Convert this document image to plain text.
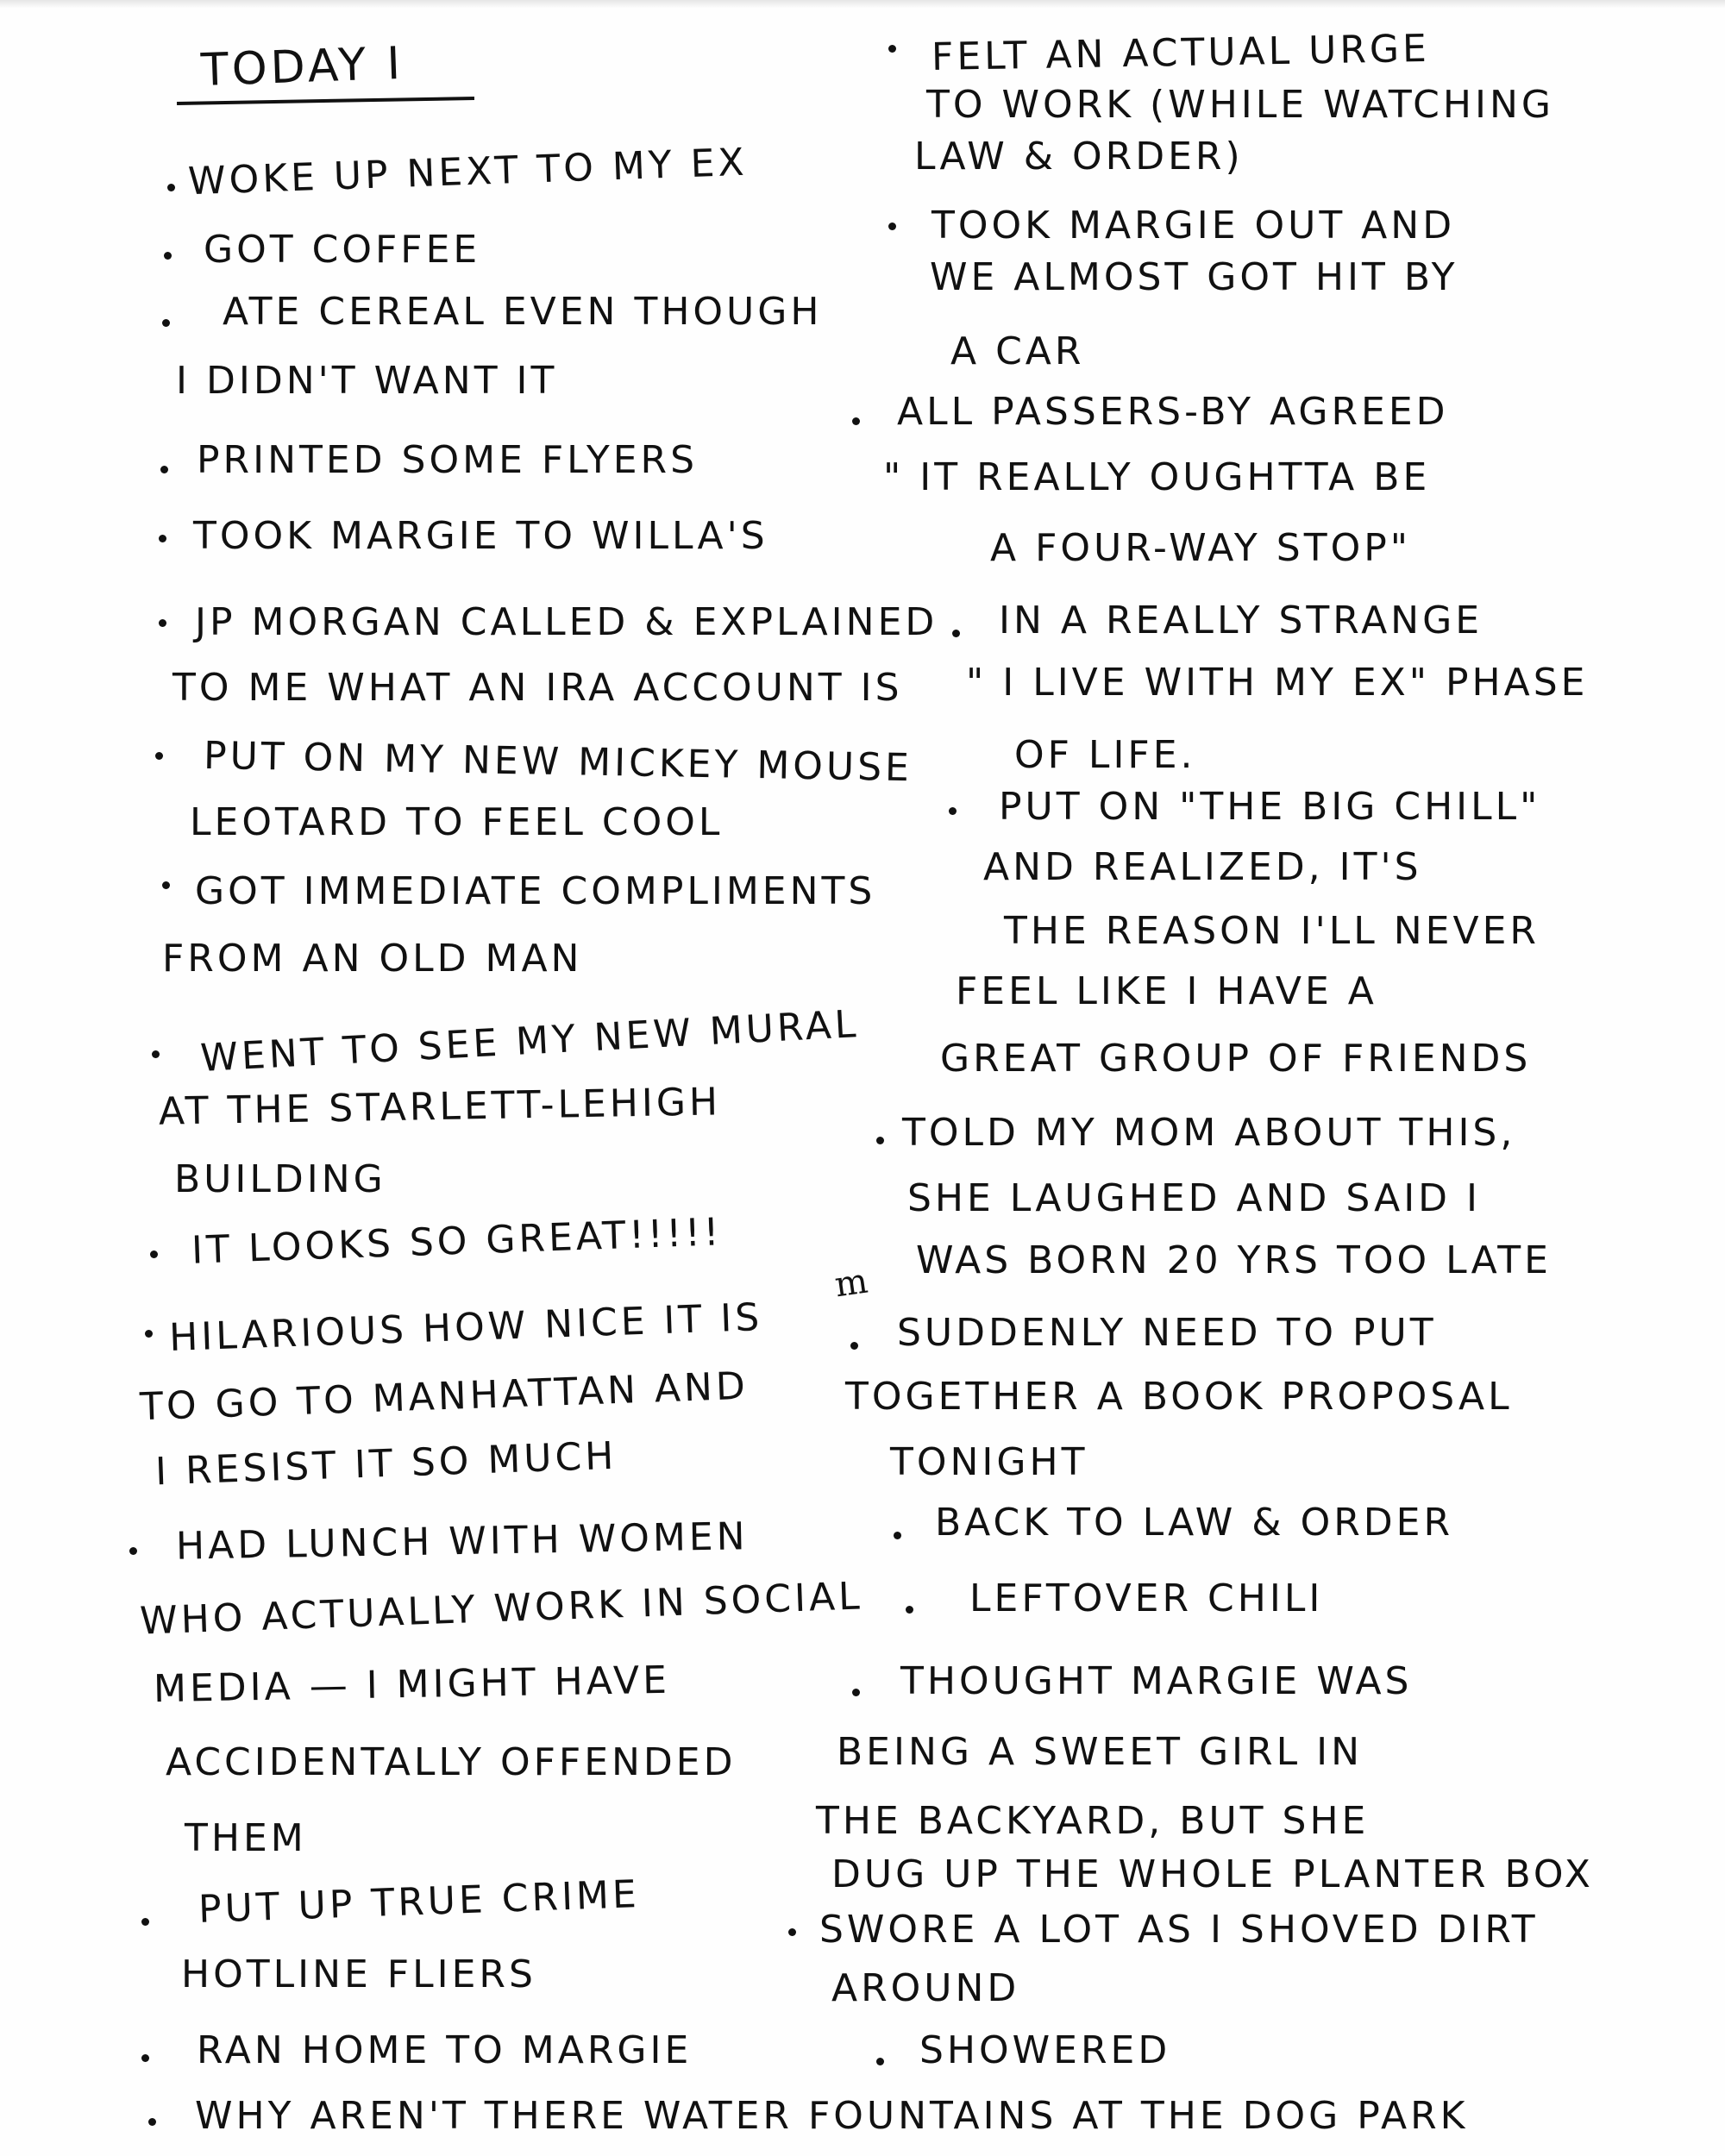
TODAY I
WOKE UP NEXT TO MY EX
GOT COFFEE
ATE CEREAL EVEN THOUGH
I DIDN'T WANT IT
PRINTED SOME FLYERS
TOOK MARGIE TO WILLA'S
JP MORGAN CALLED & EXPLAINED
TO ME WHAT AN IRA ACCOUNT IS
PUT ON MY NEW MICKEY MOUSE
LEOTARD TO FEEL COOL
GOT IMMEDIATE COMPLIMENTS
FROM AN OLD MAN
WENT TO SEE MY NEW MURAL
AT THE STARLETT-LEHIGH
BUILDING
IT LOOKS SO GREAT!!!!!
HILARIOUS HOW NICE IT IS
TO GO TO MANHATTAN AND
I RESIST IT SO MUCH
HAD LUNCH WITH WOMEN
WHO ACTUALLY WORK IN SOCIAL
MEDIA — I MIGHT HAVE
ACCIDENTALLY OFFENDED
THEM
PUT UP TRUE CRIME
HOTLINE FLIERS
RAN HOME TO MARGIE
WHY AREN'T THERE WATER FOUNTAINS AT THE DOG PARK
FELT AN ACTUAL URGE
TO WORK (WHILE WATCHING
LAW & ORDER)
TOOK MARGIE OUT AND
WE ALMOST GOT HIT BY
A CAR
ALL PASSERS-BY AGREED
" IT REALLY OUGHTTA BE
A FOUR-WAY STOP"
IN A REALLY STRANGE
" I LIVE WITH MY EX" PHASE
OF LIFE.
PUT ON "THE BIG CHILL"
AND REALIZED, IT'S
THE REASON I'LL NEVER
FEEL LIKE I HAVE A
GREAT GROUP OF FRIENDS
TOLD MY MOM ABOUT THIS,
SHE LAUGHED AND SAID I
WAS BORN 20 YRS TOO LATE
m
SUDDENLY NEED TO PUT
TOGETHER A BOOK PROPOSAL
TONIGHT
BACK TO LAW & ORDER
LEFTOVER CHILI
THOUGHT MARGIE WAS
BEING A SWEET GIRL IN
THE BACKYARD, BUT SHE
DUG UP THE WHOLE PLANTER BOX
SWORE A LOT AS I SHOVED DIRT
AROUND
SHOWERED
